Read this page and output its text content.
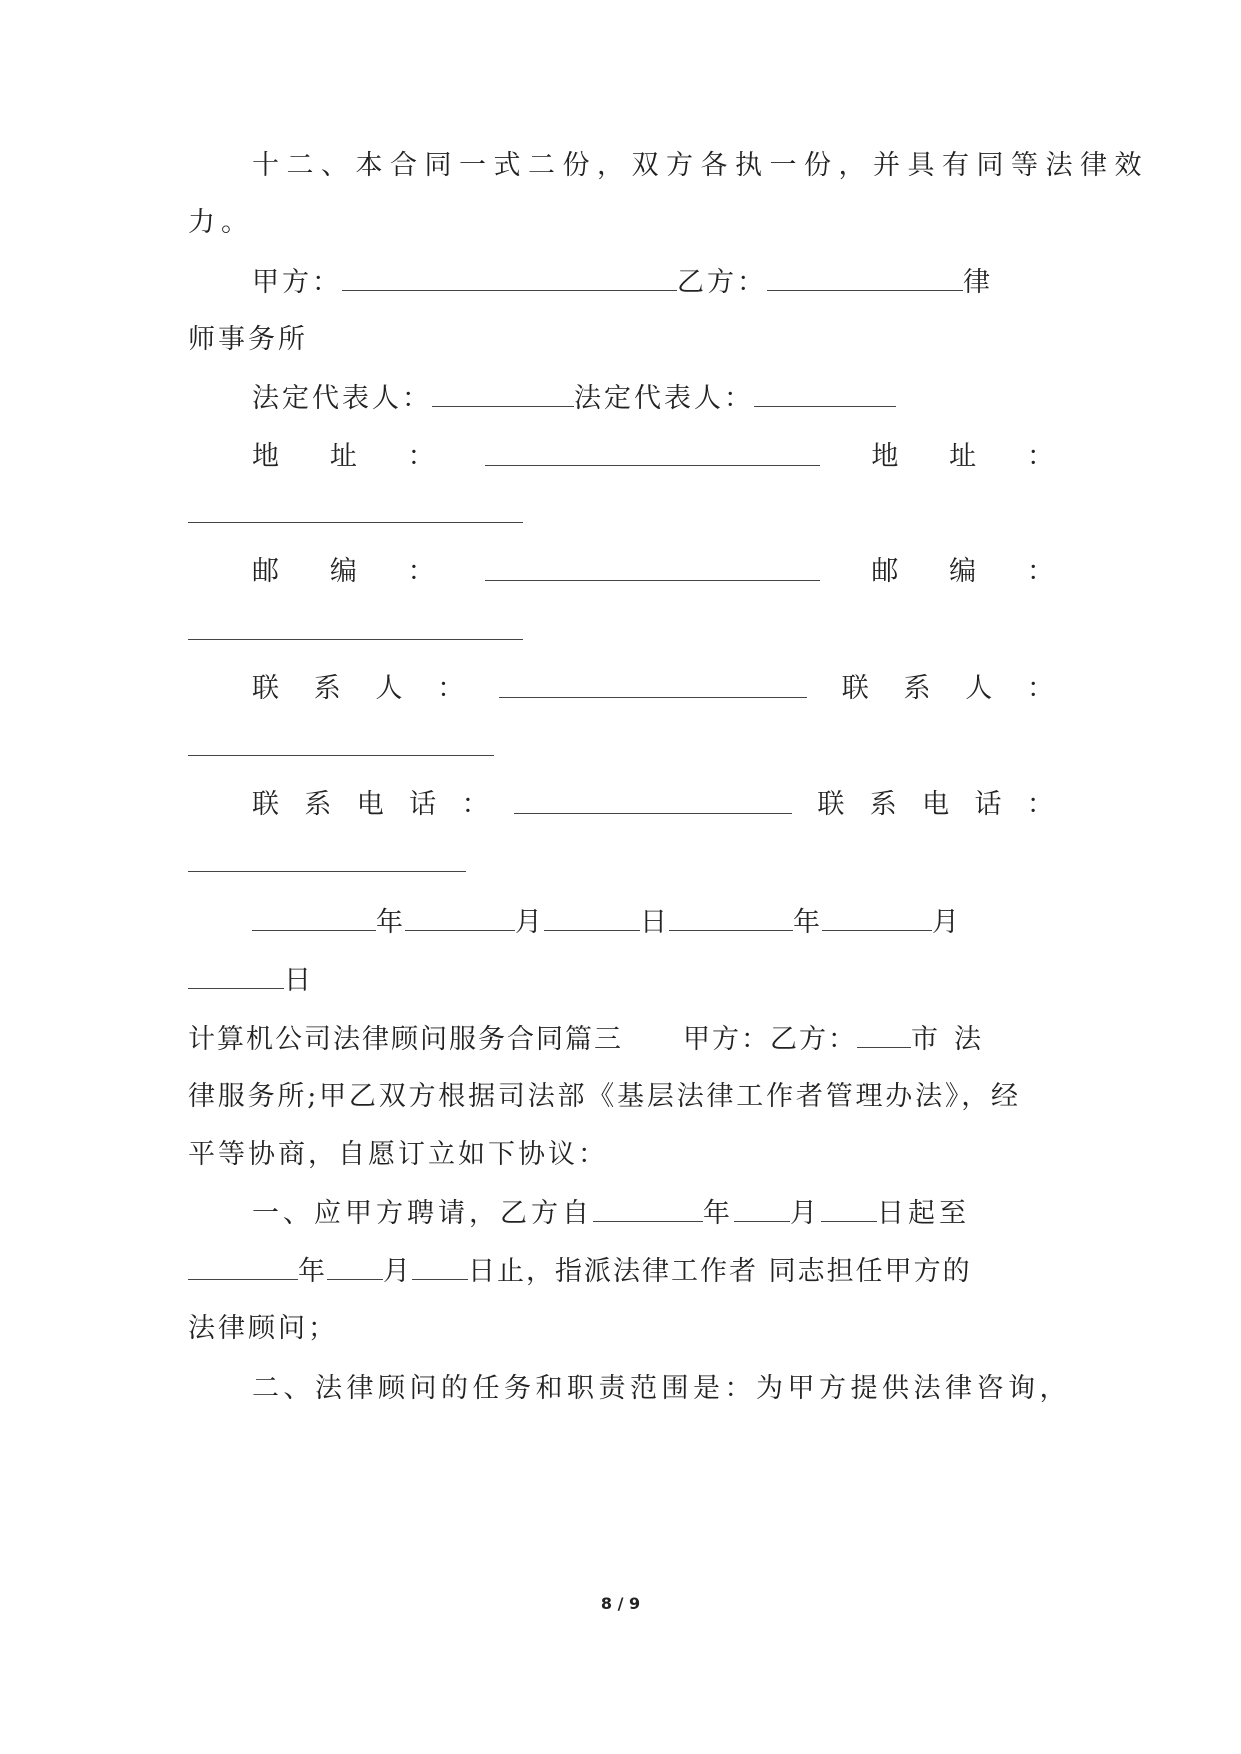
十二、本合同一式二份，双方各执一份，并具有同等法律效
力。
甲方：	乙方：	律
师事务所
法定代表人：	法定代表人：
地 址 ：	地 址 ：
邮 编 ：	邮 编 ：
联 系 人 ：	联 系 人 ：
联 系 电 话 ：	联 系 电 话 ：
年	月	日	年	月
日
计算机公司法律顾问服务合同篇三 甲方：乙方： 市 法
律服务所;甲乙双方根据司法部《基层法律工作者管理办法》，经
平等协商，自愿订立如下协议：
一、应甲方聘请，乙方自	年 月 日起至
年 月 日止，指派法律工作者 同志担任甲方的
法律顾问；
二、法律顾问的任务和职责范围是：为甲方提供法律咨询，
8 / 9
